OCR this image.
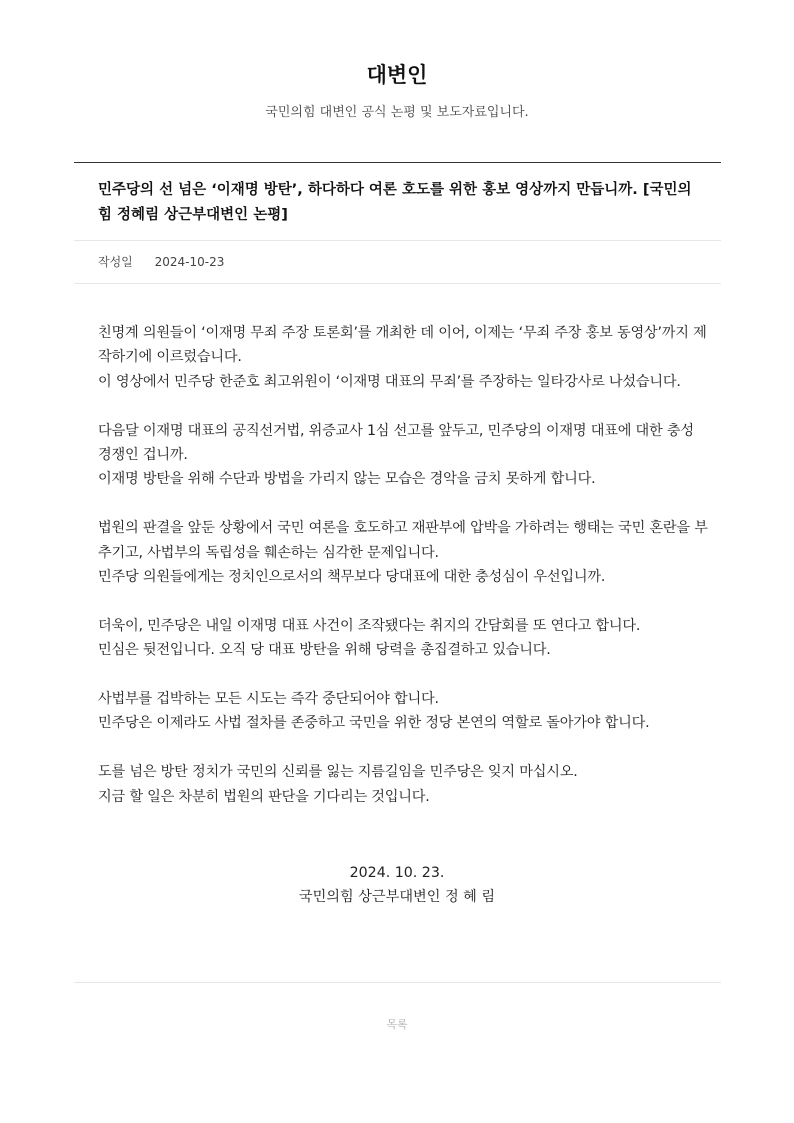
대변인
국민의힘 대변인 공식 논평 및 보도자료입니다.
민주당의 선 넘은 ‘이재명 방탄’, 하다하다 여론 호도를 위한 홍보 영상까지 만듭니까. [국민의힘 정혜림 상근부대변인 논평]
작성일 2024-10-23
친명계 의원들이 ‘이재명 무죄 주장 토론회’를 개최한 데 이어, 이제는 ‘무죄 주장 홍보 동영상’까지 제작하기에 이르렀습니다.
이 영상에서 민주당 한준호 최고위원이 ‘이재명 대표의 무죄’를 주장하는 일타강사로 나섰습니다.
다음달 이재명 대표의 공직선거법, 위증교사 1심 선고를 앞두고, 민주당의 이재명 대표에 대한 충성 경쟁인 겁니까.
이재명 방탄을 위해 수단과 방법을 가리지 않는 모습은 경악을 금치 못하게 합니다.
법원의 판결을 앞둔 상황에서 국민 여론을 호도하고 재판부에 압박을 가하려는 행태는 국민 혼란을 부추기고, 사법부의 독립성을 훼손하는 심각한 문제입니다.
민주당 의원들에게는 정치인으로서의 책무보다 당대표에 대한 충성심이 우선입니까.
더욱이, 민주당은 내일 이재명 대표 사건이 조작됐다는 취지의 간담회를 또 연다고 합니다.
민심은 뒷전입니다. 오직 당 대표 방탄을 위해 당력을 총집결하고 있습니다.
사법부를 겁박하는 모든 시도는 즉각 중단되어야 합니다.
민주당은 이제라도 사법 절차를 존중하고 국민을 위한 정당 본연의 역할로 돌아가야 합니다.
도를 넘은 방탄 정치가 국민의 신뢰를 잃는 지름길임을 민주당은 잊지 마십시오.
지금 할 일은 차분히 법원의 판단을 기다리는 것입니다.
2024. 10. 23.
국민의힘 상근부대변인 정 혜 림
목록
